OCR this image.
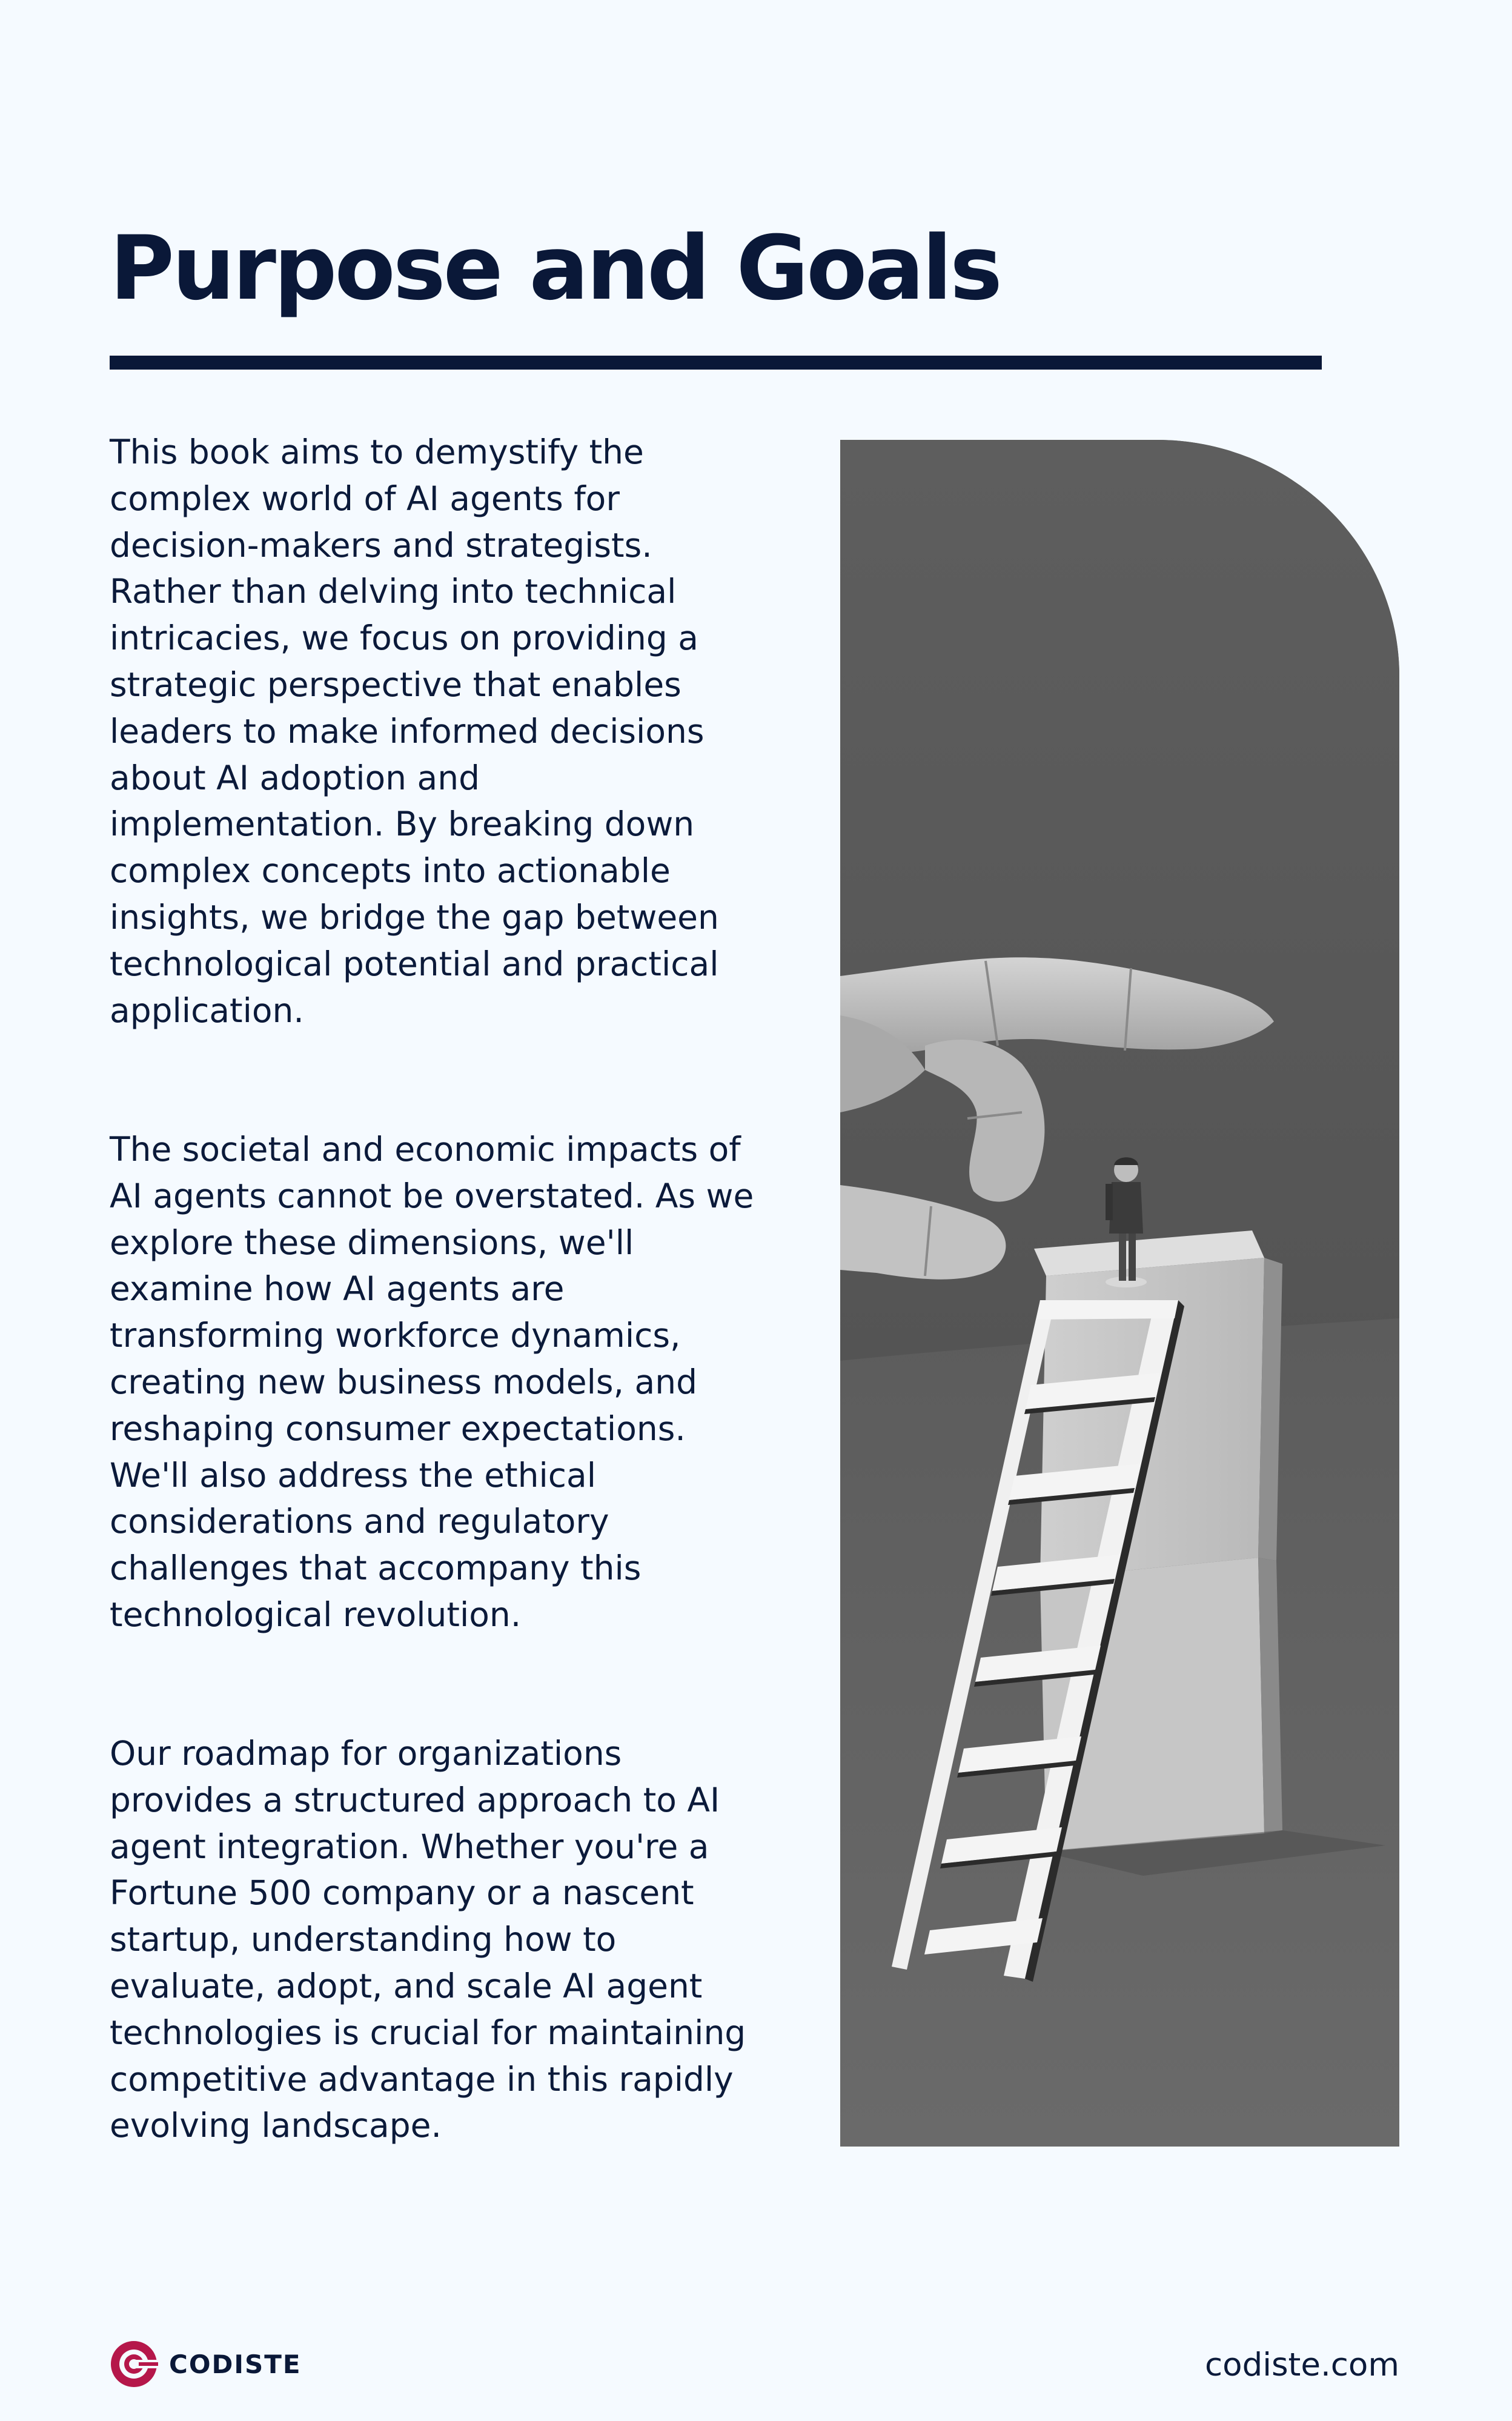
Purpose and Goals

This book aims to demystify the complex world of AI agents for decision-makers and strategists. Rather than delving into technical intricacies, we focus on providing a strategic perspective that enables leaders to make informed decisions about AI adoption and implementation. By breaking down complex concepts into actionable insights, we bridge the gap between technological potential and practical application.

The societal and economic impacts of AI agents cannot be overstated. As we explore these dimensions, we'll examine how AI agents are transforming workforce dynamics, creating new business models, and reshaping consumer expectations. We'll also address the ethical considerations and regulatory challenges that accompany this technological revolution.

Our roadmap for organizations provides a structured approach to AI agent integration. Whether you're a Fortune 500 company or a nascent startup, understanding how to evaluate, adopt, and scale AI agent technologies is crucial for maintaining competitive advantage in this rapidly evolving landscape.

CODISTE	codiste.com
